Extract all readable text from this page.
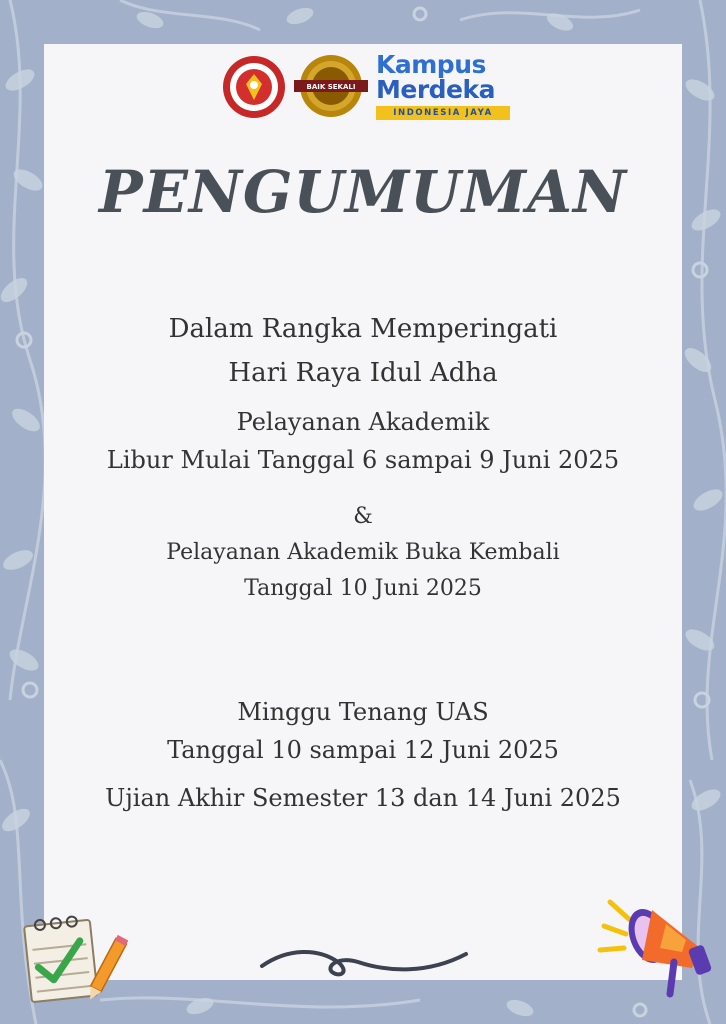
BAIK SEKALI
Kampus
Merdeka
INDONESIA JAYA
PENGUMUMAN
Dalam Rangka Memperingati
Hari Raya Idul Adha
Pelayanan Akademik
Libur Mulai Tanggal 6 sampai 9 Juni 2025
&
Pelayanan Akademik Buka Kembali
Tanggal 10 Juni 2025
Minggu Tenang UAS
Tanggal 10 sampai 12 Juni 2025
Ujian Akhir Semester 13 dan 14 Juni 2025
